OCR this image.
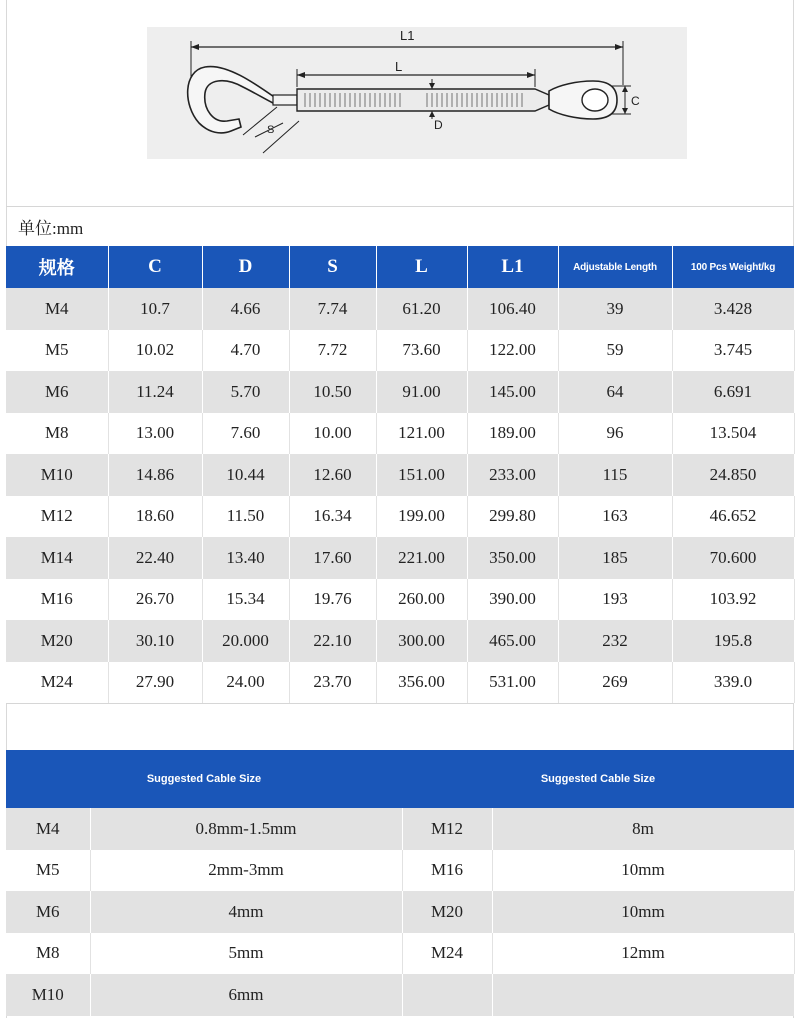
L1
L
S	D
C
单位:mm
规格	C	D	S	L	L1	Adjustable Length	100 Pcs Weight/kg
M4	10.7	4.66	7.74	61.20	106.40	39	3.428
M5	10.02	4.70	7.72	73.60	122.00	59	3.745
M6	11.24	5.70	10.50	91.00	145.00	64	6.691
M8	13.00	7.60	10.00	121.00	189.00	96	13.504
M10	14.86	10.44	12.60	151.00	233.00	115	24.850
M12	18.60	11.50	16.34	199.00	299.80	163	46.652
M14	22.40	13.40	17.60	221.00	350.00	185	70.600
M16	26.70	15.34	19.76	260.00	390.00	193	103.92
M20	30.10	20.000	22.10	300.00	465.00	232	195.8
M24	27.90	24.00	23.70	356.00	531.00	269	339.0
Suggested Cable Size		Suggested Cable Size	
M4	0.8mm-1.5mm	M12	8m
M5	2mm-3mm	M16	10mm
M6	4mm	M20	10mm
M8	5mm	M24	12mm
M10	6mm		
